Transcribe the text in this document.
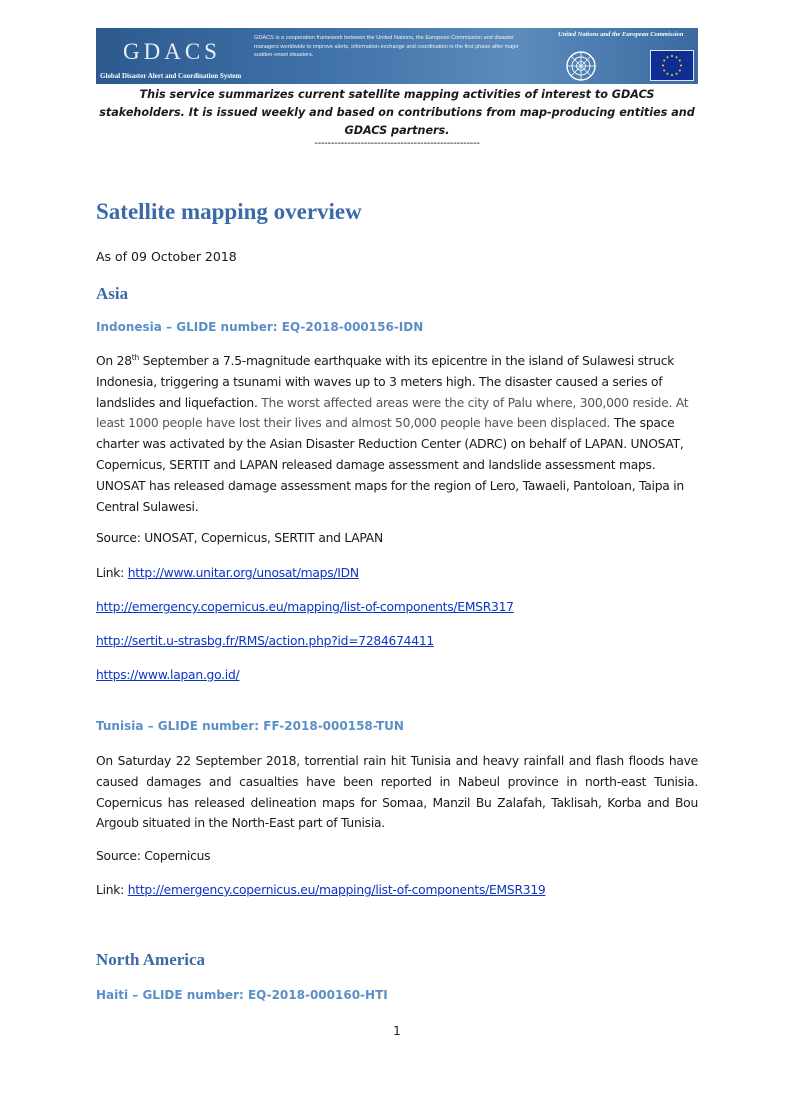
GDACS
Global Disaster Alert and Coordination System
GDACS is a cooperation framework between the United Nations, the European Commission and disaster managers worldwide to improve alerts, information exchange and coordination in the first phase after major sudden-onset disasters.
United Nations and the European Commission
This service summarizes current satellite mapping activities of interest to GDACS stakeholders. It is issued weekly and based on contributions from map-producing entities and GDACS partners.
--------------------------------------------------
Satellite mapping overview
As of 09 October 2018
Asia
Indonesia – GLIDE number: EQ-2018-000156-IDN

On 28th September a 7.5-magnitude earthquake with its epicentre in the island of Sulawesi struck Indonesia, triggering a tsunami with waves up to 3 meters high. The disaster caused a series of landslides and liquefaction. The worst affected areas were the city of Palu where, 300,000 reside. At least 1000 people have lost their lives and almost 50,000 people have been displaced. The space charter was activated by the Asian Disaster Reduction Center (ADRC) on behalf of LAPAN. UNOSAT, Copernicus, SERTIT and LAPAN released damage assessment and landslide assessment maps. UNOSAT has released damage assessment maps for the region of Lero, Tawaeli, Pantoloan, Taipa in Central Sulawesi.

Source: UNOSAT, Copernicus, SERTIT and LAPAN
Link: http://www.unitar.org/unosat/maps/IDN
http://emergency.copernicus.eu/mapping/list-of-components/EMSR317
http://sertit.u-strasbg.fr/RMS/action.php?id=7284674411
https://www.lapan.go.id/
Tunisia – GLIDE number: FF-2018-000158-TUN

On Saturday 22 September 2018, torrential rain hit Tunisia and heavy rainfall and flash floods have caused damages and casualties have been reported in Nabeul province in north-east Tunisia. Copernicus has released delineation maps for Somaa, Manzil Bu Zalafah, Taklisah, Korba and Bou Argoub situated in the North-East part of Tunisia.

Source: Copernicus
Link: http://emergency.copernicus.eu/mapping/list-of-components/EMSR319
North America
Haiti – GLIDE number: EQ-2018-000160-HTI
1
